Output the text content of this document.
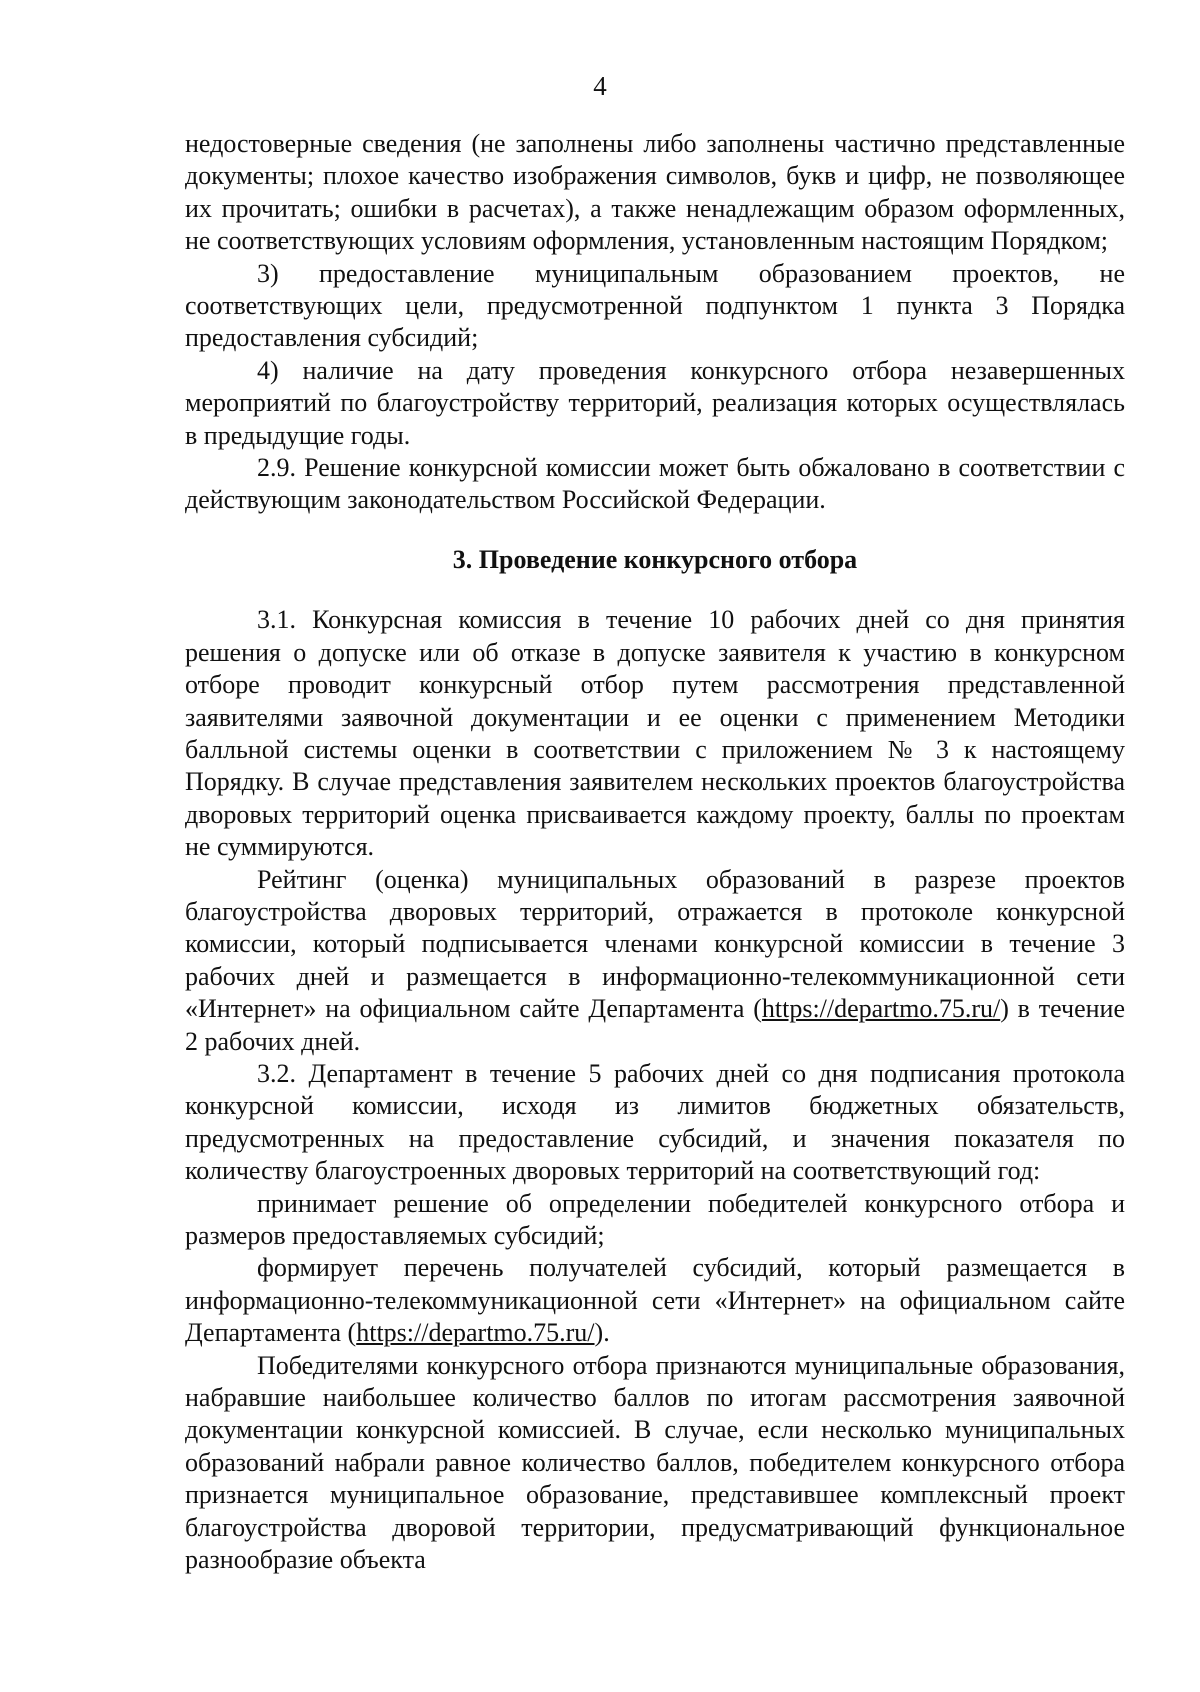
4

недостоверные сведения (не заполнены либо заполнены частично представленные документы; плохое качество изображения символов, букв и цифр, не позволяющее их прочитать; ошибки в расчетах), а также ненадлежащим образом оформленных, не соответствующих условиям оформления, установленным настоящим Порядком;

3) предоставление муниципальным образованием проектов, не соответствующих цели, предусмотренной подпунктом 1 пункта 3 Порядка предоставления субсидий;

4) наличие на дату проведения конкурсного отбора незавершенных мероприятий по благоустройству территорий, реализация которых осуществлялась в предыдущие годы.

2.9. Решение конкурсной комиссии может быть обжаловано в соответствии с действующим законодательством Российской Федерации.

3. Проведение конкурсного отбора

3.1. Конкурсная комиссия в течение 10 рабочих дней со дня принятия решения о допуске или об отказе в допуске заявителя к участию в конкурсном отборе проводит конкурсный отбор путем рассмотрения представленной заявителями заявочной документации и ее оценки с применением Методики балльной системы оценки в соответствии с приложением № 3 к настоящему Порядку. В случае представления заявителем нескольких проектов благоустройства дворовых территорий оценка присваивается каждому проекту, баллы по проектам не суммируются.

Рейтинг (оценка) муниципальных образований в разрезе проектов благоустройства дворовых территорий, отражается в протоколе конкурсной комиссии, который подписывается членами конкурсной комиссии в течение 3 рабочих дней и размещается в информационно-телекоммуникационной сети «Интернет» на официальном сайте Департамента (https://departmo.75.ru/) в течение 2 рабочих дней.

3.2. Департамент в течение 5 рабочих дней со дня подписания протокола конкурсной комиссии, исходя из лимитов бюджетных обязательств, предусмотренных на предоставление субсидий, и значения показателя по количеству благоустроенных дворовых территорий на соответствующий год:

принимает решение об определении победителей конкурсного отбора и размеров предоставляемых субсидий;

формирует перечень получателей субсидий, который размещается в информационно-телекоммуникационной сети «Интернет» на официальном сайте Департамента (https://departmo.75.ru/).

Победителями конкурсного отбора признаются муниципальные образования, набравшие наибольшее количество баллов по итогам рассмотрения заявочной документации конкурсной комиссией. В случае, если несколько муниципальных образований набрали равное количество баллов, победителем конкурсного отбора признается муниципальное образование, представившее комплексный проект благоустройства дворовой территории, предусматривающий функциональное разнообразие объекта
